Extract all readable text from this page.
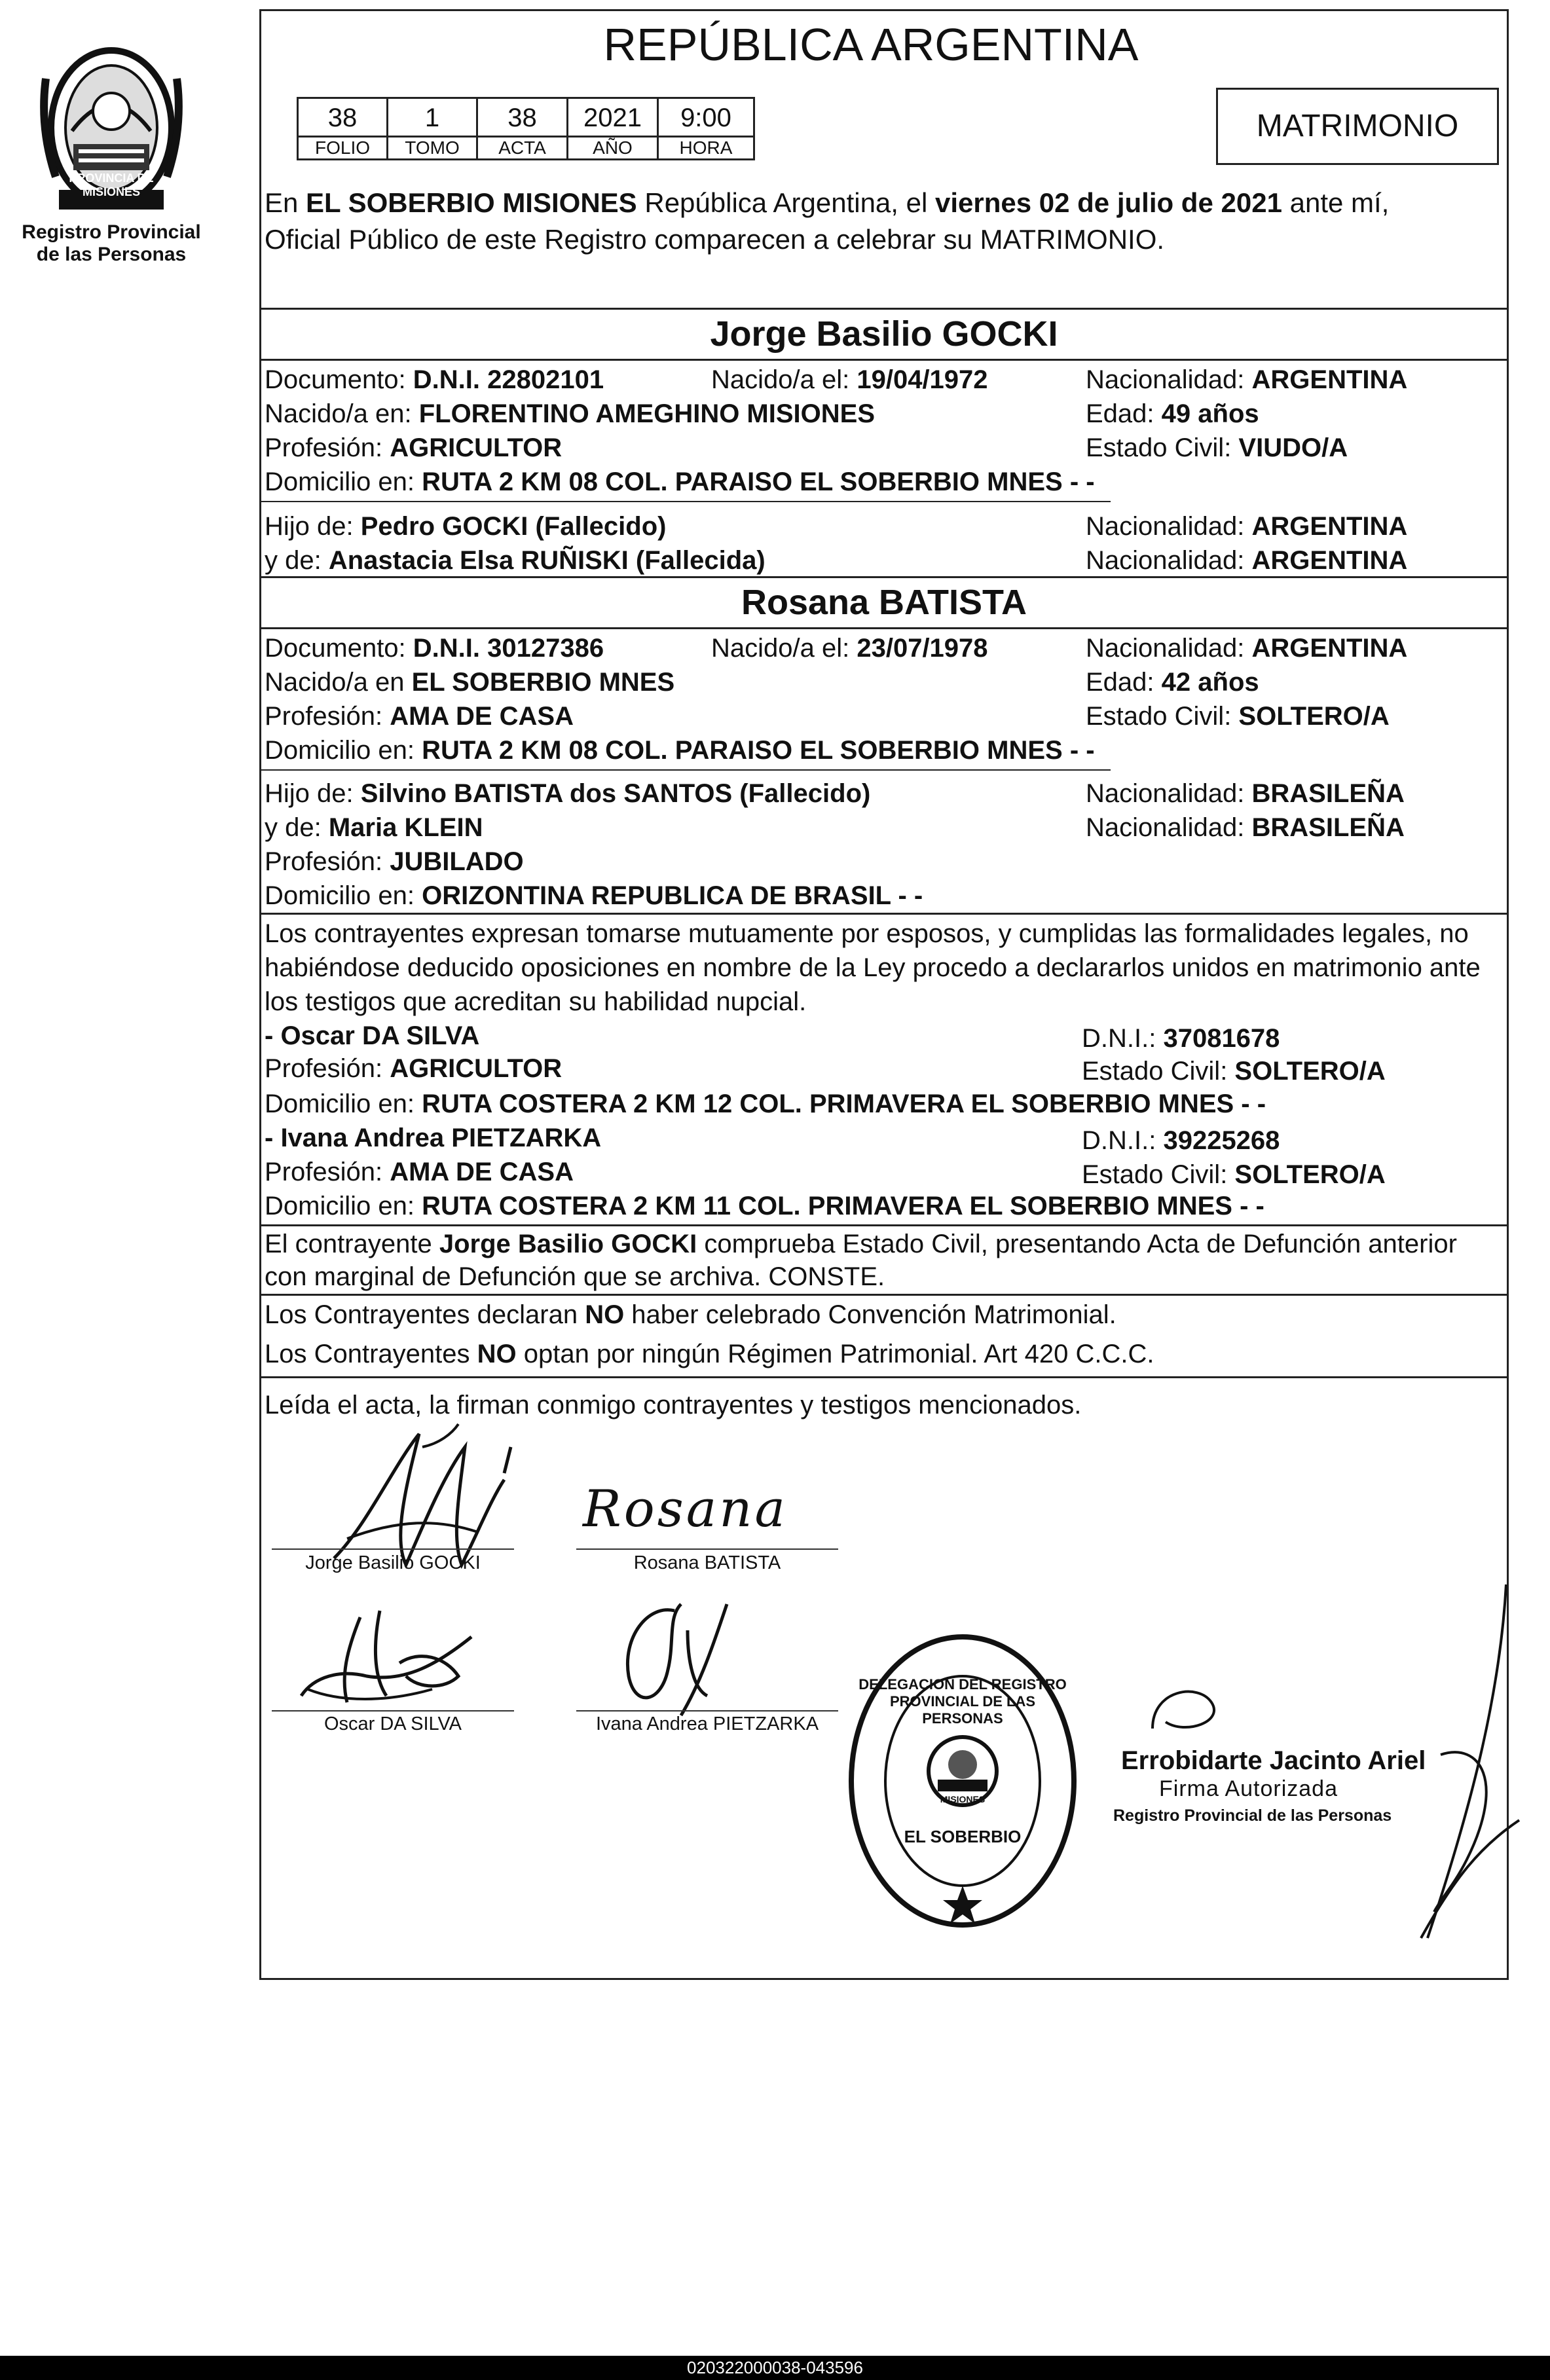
PROVINCIA DE MISIONES
Registro Provincial
de las Personas
REPÚBLICA ARGENTINA
38	1	38	2021	9:00
FOLIO	TOMO	ACTA	AÑO	HORA
MATRIMONIO
En EL SOBERBIO MISIONES República Argentina, el viernes 02 de julio de 2021 ante mí,
Oficial Público de este Registro comparecen a celebrar su MATRIMONIO.
Jorge Basilio GOCKI
Documento: D.N.I. 22802101	Nacido/a el: 19/04/1972	Nacionalidad: ARGENTINA
Nacido/a en: FLORENTINO AMEGHINO MISIONES	Edad: 49 años
Profesión: AGRICULTOR	Estado Civil: VIUDO/A
Domicilio en: RUTA 2 KM 08 COL. PARAISO EL SOBERBIO MNES - -
Hijo de: Pedro GOCKI (Fallecido)	Nacionalidad: ARGENTINA
y de: Anastacia Elsa RUÑISKI (Fallecida)	Nacionalidad: ARGENTINA
Rosana BATISTA
Documento: D.N.I. 30127386	Nacido/a el: 23/07/1978	Nacionalidad: ARGENTINA
Nacido/a en EL SOBERBIO MNES	Edad: 42 años
Profesión: AMA DE CASA	Estado Civil: SOLTERO/A
Domicilio en: RUTA 2 KM 08 COL. PARAISO EL SOBERBIO MNES - -
Hijo de: Silvino BATISTA dos SANTOS (Fallecido)	Nacionalidad: BRASILEÑA
y de: Maria KLEIN	Nacionalidad: BRASILEÑA
Profesión: JUBILADO
Domicilio en: ORIZONTINA REPUBLICA DE BRASIL - -
Los contrayentes expresan tomarse mutuamente por esposos, y cumplidas las formalidades legales, no
habiéndose deducido oposiciones en nombre de la Ley procedo a declararlos unidos en matrimonio ante
los testigos que acreditan su habilidad nupcial.
- Oscar DA SILVA	D.N.I.: 37081678
Profesión: AGRICULTOR	Estado Civil: SOLTERO/A
Domicilio en: RUTA COSTERA 2 KM 12 COL. PRIMAVERA EL SOBERBIO MNES - -
- Ivana Andrea PIETZARKA	D.N.I.: 39225268
Profesión: AMA DE CASA	Estado Civil: SOLTERO/A
Domicilio en: RUTA COSTERA 2 KM 11 COL. PRIMAVERA EL SOBERBIO MNES - -
El contrayente Jorge Basilio GOCKI comprueba Estado Civil, presentando Acta de Defunción anterior
con marginal de Defunción que se archiva. CONSTE.
Los Contrayentes declaran NO haber celebrado Convención Matrimonial.
Los Contrayentes NO optan por ningún Régimen Patrimonial. Art 420 C.C.C.
Leída el acta, la firman conmigo contrayentes y testigos mencionados.
Jorge Basilio GOCKI
Rosana
Rosana BATISTA
Oscar DA SILVA	Ivana Andrea PIETZARKA
DELEGACION DEL REGISTRO PROVINCIAL DE LAS PERSONAS
EL SOBERBIO
MISIONES
Errobidarte Jacinto Ariel
Firma Autorizada
Registro Provincial de las Personas
020322000038-043596
